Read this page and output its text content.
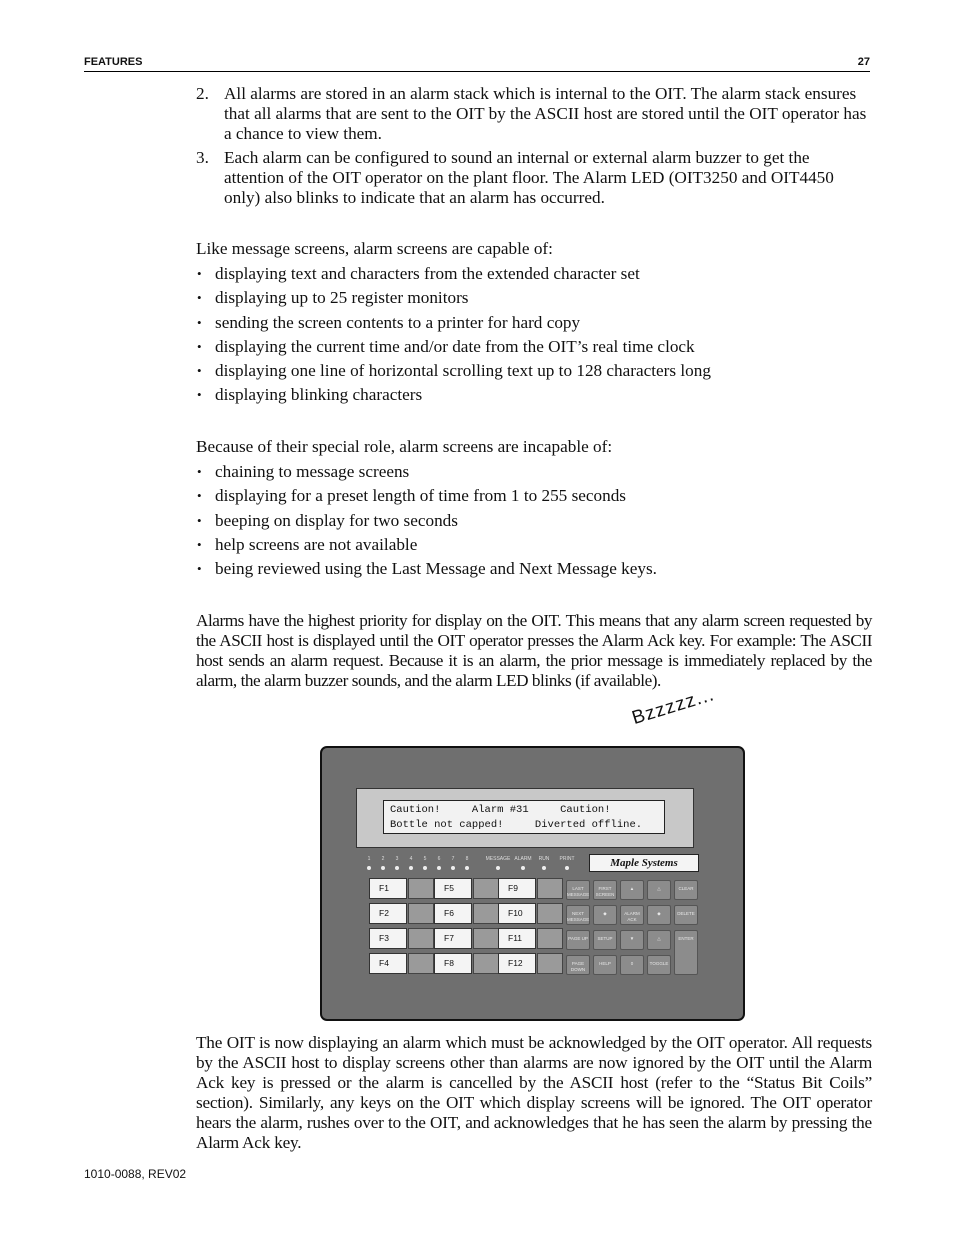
FEATURES	27
2. All alarms are stored in an alarm stack which is internal to the OIT. The alarm stack ensures that all alarms that are sent to the OIT by the ASCII host are stored until the OIT operator has a chance to view them.
3. Each alarm can be configured to sound an internal or external alarm buzzer to get the attention of the OIT operator on the plant floor. The Alarm LED (OIT3250 and OIT4450 only) also blinks to indicate that an alarm has occurred.
Like message screens, alarm screens are capable of:
• displaying text and characters from the extended character set
• displaying up to 25 register monitors
• sending the screen contents to a printer for hard copy
• displaying the current time and/or date from the OIT’s real time clock
• displaying one line of horizontal scrolling text up to 128 characters long
• displaying blinking characters
Because of their special role, alarm screens are incapable of:
• chaining to message screens
• displaying for a preset length of time from 1 to 255 seconds
• beeping on display for two seconds
• help screens are not available
• being reviewed using the Last Message and Next Message keys.
Alarms have the highest priority for display on the OIT. This means that any alarm screen requested by the ASCII host is displayed until the OIT operator presses the Alarm Ack key. For example: The ASCII host sends an alarm request. Because it is an alarm, the prior message is immediately replaced by the alarm, the alarm buzzer sounds, and the alarm LED blinks (if available).
Bzzzzz...
Caution!     Alarm #31     Caution!
Bottle not capped!     Diverted offline.
1	2	3	4	5	6	7	8	MESSAGE ALARM	RUN	PRINT	Maple Systems
F1
F2
F3
F4
F5
F6
F7
F8
F9
F10
F11
F12
LAST MESSAGE
FIRST SCREEN
▲	△	CLEAR
NEXT MESSAGE
◆	ALARM ACK
◆	DELETE
PAGE UP	SETUP	▼	△	ENTER
PAGE DOWN
HELP	0	TOGGLE
The OIT is now displaying an alarm which must be acknowledged by the OIT operator. All requests by the ASCII host to display screens other than alarms are now ignored by the OIT until the Alarm Ack key is pressed or the alarm is cancelled by the ASCII host (refer to the “Status Bit Coils” section). Similarly, any keys on the OIT which display screens will be ignored. The OIT operator hears the alarm, rushes over to the OIT, and acknowledges that he has seen the alarm by pressing the Alarm Ack key.
1010-0088, REV02
